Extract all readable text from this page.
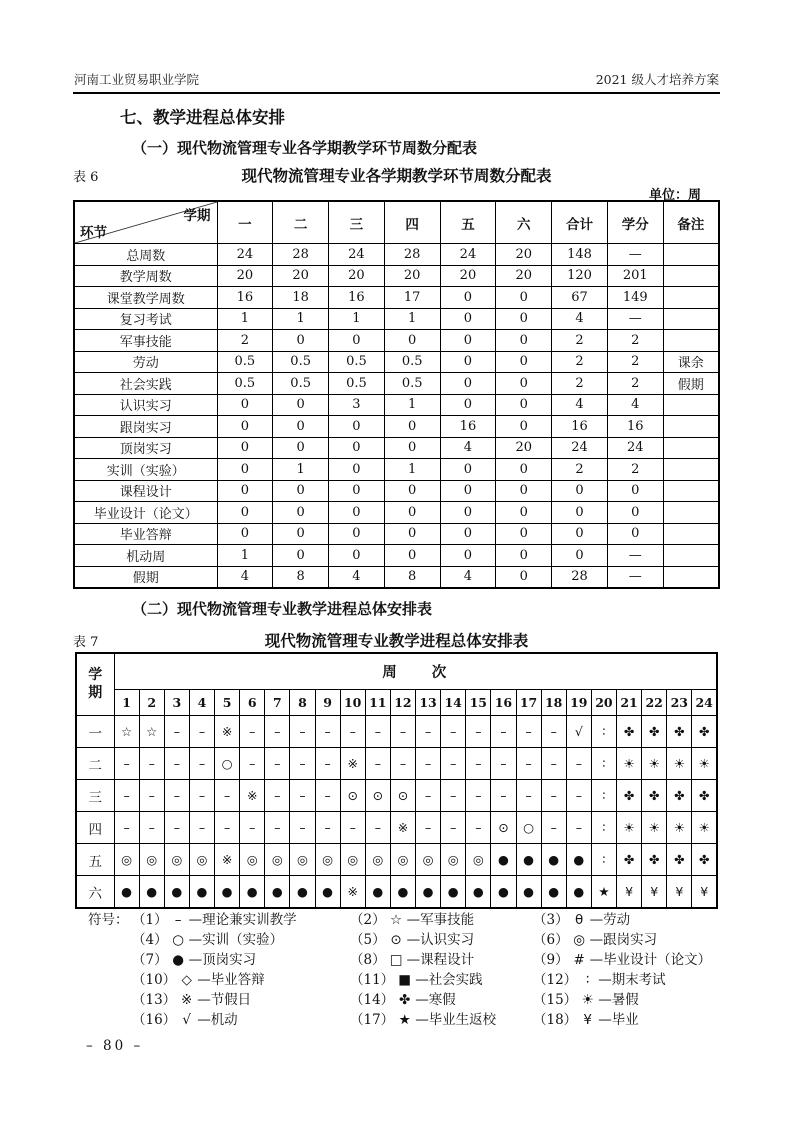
河南工业贸易职业学院	2021 级人才培养方案
七、教学进程总体安排
（一）现代物流管理专业各学期教学环节周数分配表
表 6	现代物流管理专业各学期教学环节周数分配表
单位：周
学期
环节	一	二	三	四	五	六	合计	学分	备注
总周数	24	28	24	28	24	20	148	—	
教学周数	20	20	20	20	20	20	120	201	
课堂教学周数	16	18	16	17	0	0	67	149	
复习考试	1	1	1	1	0	0	4	—	
军事技能	2	0	0	0	0	0	2	2	
劳动	0.5	0.5	0.5	0.5	0	0	2	2	课余
社会实践	0.5	0.5	0.5	0.5	0	0	2	2	假期
认识实习	0	0	3	1	0	0	4	4	
跟岗实习	0	0	0	0	16	0	16	16	
顶岗实习	0	0	0	0	4	20	24	24	
实训（实验）	0	1	0	1	0	0	2	2	
课程设计	0	0	0	0	0	0	0	0	
毕业设计（论文）	0	0	0	0	0	0	0	0	
毕业答辩	0	0	0	0	0	0	0	0	
机动周	1	0	0	0	0	0	0	—	
假期	4	8	4	8	4	0	28	—	
（二）现代物流管理专业教学进程总体安排表
表 7	现代物流管理专业教学进程总体安排表
学期	周　　次																							
	1	2	3	4	5	6	7	8	9	10	11	12	13	14	15	16	17	18	19	20	21	22	23	24
一	☆	☆	–	–	※	–	–	–	–	–	–	–	–	–	–	–	–	–	√	∶	✤	✤	✤	✤
二	–	–	–	–	○	–	–	–	–	※	–	–	–	–	–	–	–	–	–	∶	☀	☀	☀	☀
三	–	–	–	–	–	※	–	–	–	⊙	⊙	⊙	–	–	–	–	–	–	–	∶	✤	✤	✤	✤
四	–	–	–	–	–	–	–	–	–	–	–	※	–	–	–	⊙	○	–	–	∶	☀	☀	☀	☀
五	◎	◎	◎	◎	※	◎	◎	◎	◎	◎	◎	◎	◎	◎	◎	●	●	●	●	∶	✤	✤	✤	✤
六	●	●	●	●	●	●	●	●	●	※	●	●	●	●	●	●	●	●	●	★	¥	¥	¥	¥
符号： （1） – —理论兼实训教学	（2） ☆ —军事技能	（3） θ —劳动
（4） ○ —实训（实验）	（5） ⊙ —认识实习	（6） ◎ —跟岗实习
（7） ● —顶岗实习	（8） □ —课程设计	（9） # —毕业设计（论文）
（10） ◇ —毕业答辩	（11） ■ —社会实践	（12） ∶ —期末考试
（13） ※ —节假日	（14） ✤ —寒假	（15） ☀ —暑假
（16） √ —机动	（17） ★ —毕业生返校	（18） ¥ —毕业
– 80 –
